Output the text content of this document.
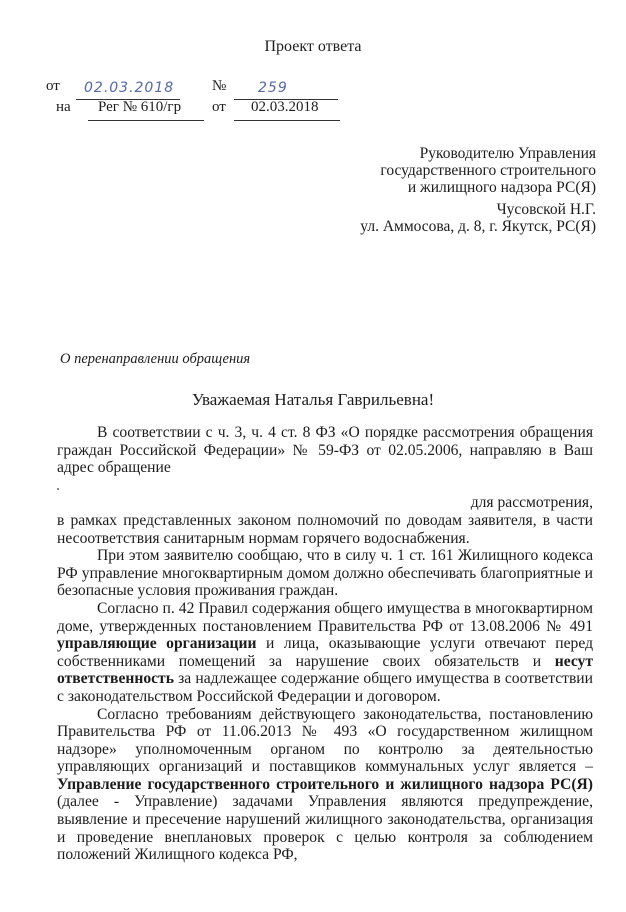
Проект ответа
от 02.03.2018	№ 259
на Рег № 610/гр от 02.03.2018
Руководителю Управления
государственного строительного
и жилищного надзора РС(Я)
Чусовской Н.Г.
ул. Аммосова, д. 8, г. Якутск, РС(Я)
О перенаправлении обращения
Уважаемая Наталья Гаврильевна!

В соответствии с ч. 3, ч. 4 ст. 8 ФЗ «О порядке рассмотрения обращения граждан Российской Федерации» № 59-ФЗ от 02.05.2006, направляю в Ваш адрес обращение

для рассмотрения,

в рамках представленных законом полномочий по доводам заявителя, в части несоответствия санитарным нормам горячего водоснабжения.

При этом заявителю сообщаю, что в силу ч. 1 ст. 161 Жилищного кодекса РФ управление многоквартирным домом должно обеспечивать благоприятные и безопасные условия проживания граждан.

Согласно п. 42 Правил содержания общего имущества в многоквартирном доме, утвержденных постановлением Правительства РФ от 13.08.2006 № 491 управляющие организации и лица, оказывающие услуги отвечают перед собственниками помещений за нарушение своих обязательств и несут ответственность за надлежащее содержание общего имущества в соответствии с законодательством Российской Федерации и договором.

Согласно требованиям действующего законодательства, постановлению Правительства РФ от 11.06.2013 № 493 «О государственном жилищном надзоре» уполномоченным органом по контролю за деятельностью управляющих организаций и поставщиков коммунальных услуг является – Управление государственного строительного и жилищного надзора РС(Я) (далее - Управление) задачами Управления являются предупреждение, выявление и пресечение нарушений жилищного законодательства, организация и проведение внеплановых проверок с целью контроля за соблюдением положений Жилищного кодекса РФ,
